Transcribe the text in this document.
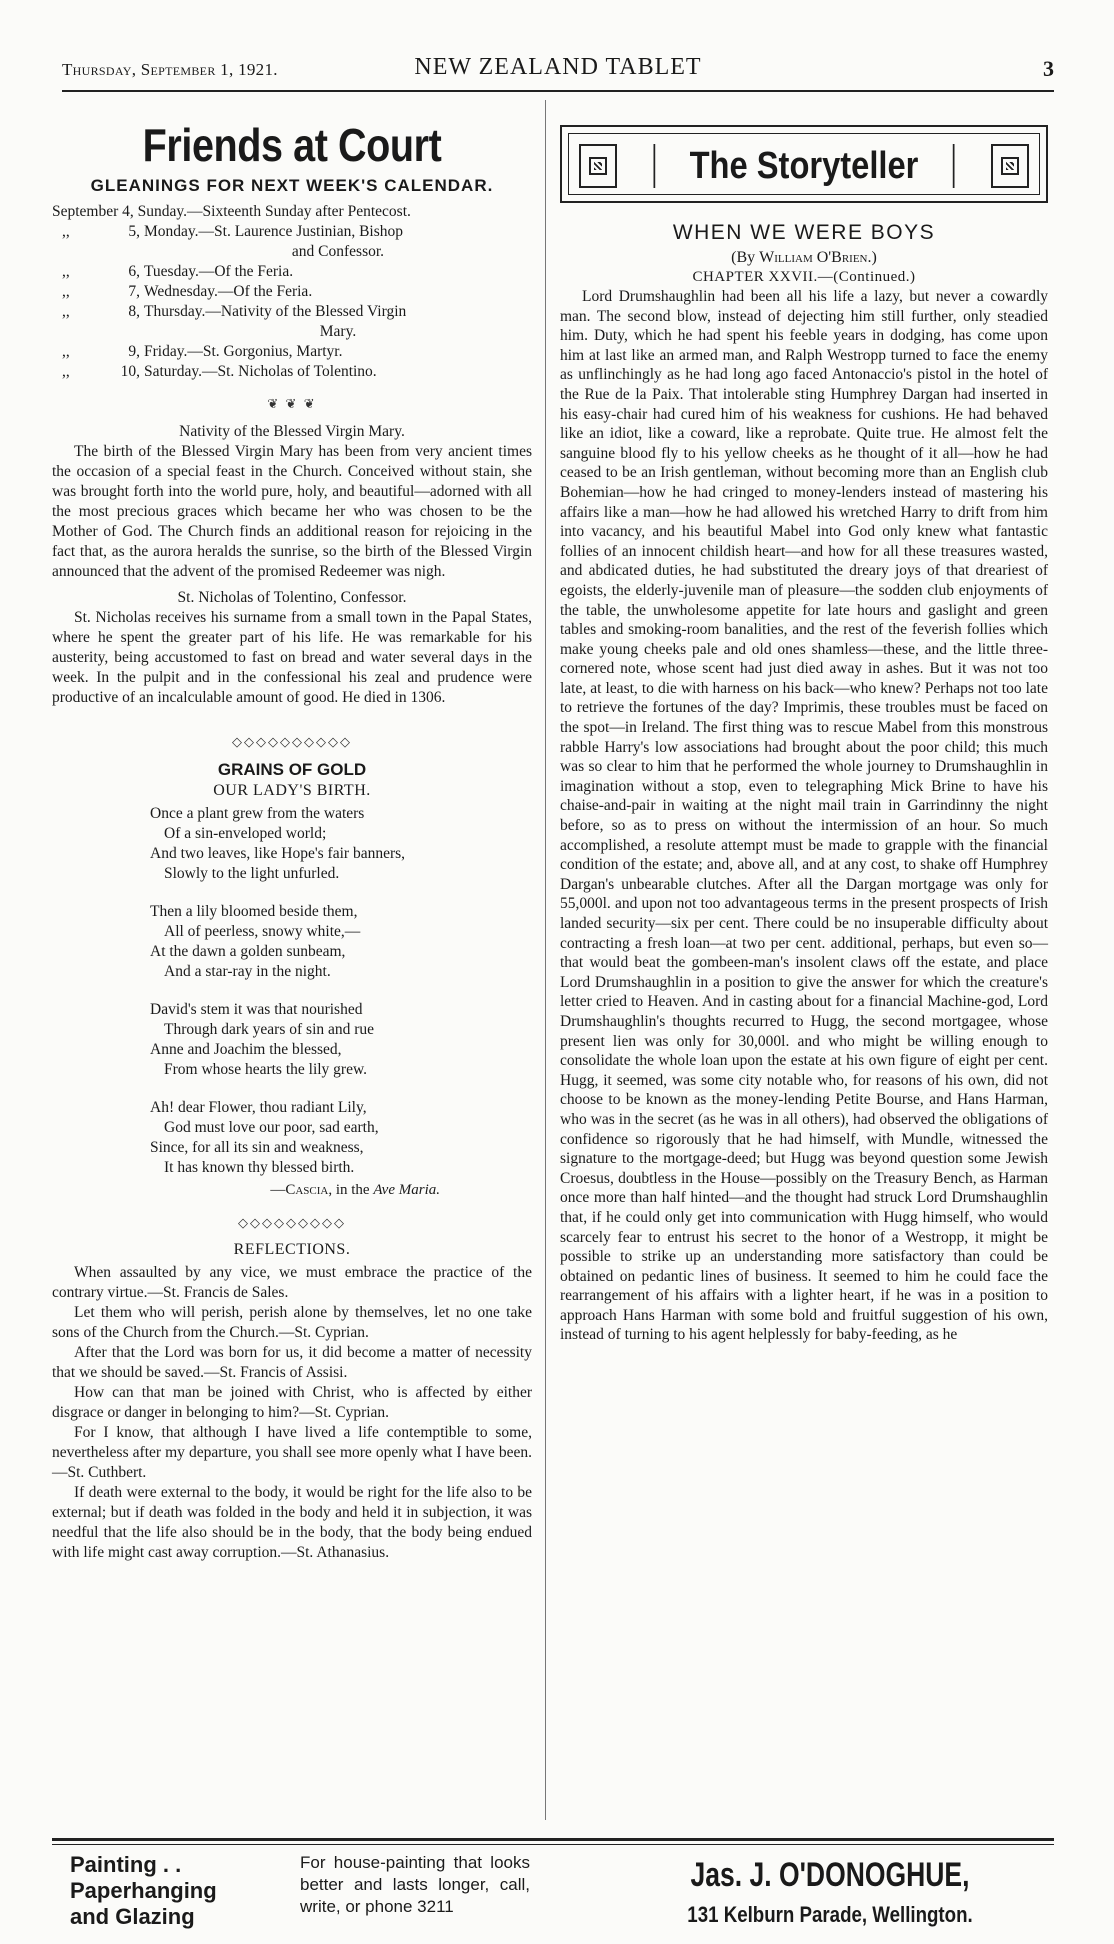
Thursday, September 1, 1921.	NEW ZEALAND TABLET	3
Friends at Court
GLEANINGS FOR NEXT WEEK'S CALENDAR.
September 4, Sunday.—Sixteenth Sunday after Pentecost.
,,	5, Monday.—St. Laurence Justinian, Bishop
and Confessor.
,,	6, Tuesday.—Of the Feria.
,,	7, Wednesday.—Of the Feria.
,,	8, Thursday.—Nativity of the Blessed Virgin
Mary.
,,	9, Friday.—St. Gorgonius, Martyr.
,,	10, Saturday.—St. Nicholas of Tolentino.
❦ ❦ ❦
Nativity of the Blessed Virgin Mary.

The birth of the Blessed Virgin Mary has been from very ancient times the occasion of a special feast in the Church. Conceived without stain, she was brought forth into the world pure, holy, and beautiful—adorned with all the most precious graces which became her who was chosen to be the Mother of God. The Church finds an additional reason for rejoicing in the fact that, as the aurora heralds the sunrise, so the birth of the Blessed Virgin announced that the advent of the promised Redeemer was nigh.

St. Nicholas of Tolentino, Confessor.

St. Nicholas receives his surname from a small town in the Papal States, where he spent the greater part of his life. He was remarkable for his austerity, being accustomed to fast on bread and water several days in the week. In the pulpit and in the confessional his zeal and prudence were productive of an incalculable amount of good. He died in 1306.

◇◇◇◇◇◇◇◇◇◇
GRAINS OF GOLD
OUR LADY'S BIRTH.
Once a plant grew from the waters
Of a sin-enveloped world;
And two leaves, like Hope's fair banners,
Slowly to the light unfurled.
Then a lily bloomed beside them,
All of peerless, snowy white,—
At the dawn a golden sunbeam,
And a star-ray in the night.
David's stem it was that nourished
Through dark years of sin and rue
Anne and Joachim the blessed,
From whose hearts the lily grew.
Ah! dear Flower, thou radiant Lily,
God must love our poor, sad earth,
Since, for all its sin and weakness,
It has known thy blessed birth.
—Cascia, in the Ave Maria.
◇◇◇◇◇◇◇◇◇
REFLECTIONS.

When assaulted by any vice, we must embrace the practice of the contrary virtue.—St. Francis de Sales.

Let them who will perish, perish alone by themselves, let no one take sons of the Church from the Church.—St. Cyprian.

After that the Lord was born for us, it did become a matter of necessity that we should be saved.—St. Francis of Assisi.

How can that man be joined with Christ, who is affected by either disgrace or danger in belonging to him?—St. Cyprian.

For I know, that although I have lived a life contemptible to some, nevertheless after my departure, you shall see more openly what I have been.—St. Cuthbert.

If death were external to the body, it would be right for the life also to be external; but if death was folded in the body and held it in subjection, it was needful that the life also should be in the body, that the body being endued with life might cast away corruption.—St. Athanasius.

The Storyteller
WHEN WE WERE BOYS
(By William O'Brien.)
CHAPTER XXVII.—(Continued.)

Lord Drumshaughlin had been all his life a lazy, but never a cowardly man. The second blow, instead of dejecting him still further, only steadied him. Duty, which he had spent his feeble years in dodging, has come upon him at last like an armed man, and Ralph Westropp turned to face the enemy as unflinchingly as he had long ago faced Antonaccio's pistol in the hotel of the Rue de la Paix. That intolerable sting Humphrey Dargan had inserted in his easy-chair had cured him of his weakness for cushions. He had behaved like an idiot, like a coward, like a reprobate. Quite true. He almost felt the sanguine blood fly to his yellow cheeks as he thought of it all—how he had ceased to be an Irish gentleman, without becoming more than an English club Bohemian—how he had cringed to money-lenders instead of mastering his affairs like a man—how he had allowed his wretched Harry to drift from him into vacancy, and his beautiful Mabel into God only knew what fantastic follies of an innocent childish heart—and how for all these treasures wasted, and abdicated duties, he had substituted the dreary joys of that dreariest of egoists, the elderly-juvenile man of pleasure—the sodden club enjoyments of the table, the unwholesome appetite for late hours and gaslight and green tables and smoking-room banalities, and the rest of the feverish follies which make young cheeks pale and old ones shamless—these, and the little three-cornered note, whose scent had just died away in ashes. But it was not too late, at least, to die with harness on his back—who knew? Perhaps not too late to retrieve the fortunes of the day? Imprimis, these troubles must be faced on the spot—in Ireland. The first thing was to rescue Mabel from this monstrous rabble Harry's low associations had brought about the poor child; this much was so clear to him that he performed the whole journey to Drumshaughlin in imagination without a stop, even to telegraphing Mick Brine to have his chaise-and-pair in waiting at the night mail train in Garrindinny the night before, so as to press on without the intermission of an hour. So much accomplished, a resolute attempt must be made to grapple with the financial condition of the estate; and, above all, and at any cost, to shake off Humphrey Dargan's unbearable clutches. After all the Dargan mortgage was only for 55,000l. and upon not too advantageous terms in the present prospects of Irish landed security—six per cent. There could be no insuperable difficulty about contracting a fresh loan—at two per cent. additional, perhaps, but even so—that would beat the gombeen-man's insolent claws off the estate, and place Lord Drumshaughlin in a position to give the answer for which the creature's letter cried to Heaven. And in casting about for a financial Machine-god, Lord Drumshaughlin's thoughts recurred to Hugg, the second mortgagee, whose present lien was only for 30,000l. and who might be willing enough to consolidate the whole loan upon the estate at his own figure of eight per cent. Hugg, it seemed, was some city notable who, for reasons of his own, did not choose to be known as the money-lending Petite Bourse, and Hans Harman, who was in the secret (as he was in all others), had observed the obligations of confidence so rigorously that he had himself, with Mundle, witnessed the signature to the mortgage-deed; but Hugg was beyond question some Jewish Croesus, doubtless in the House—possibly on the Treasury Bench, as Harman once more than half hinted—and the thought had struck Lord Drumshaughlin that, if he could only get into communication with Hugg himself, who would scarcely fear to entrust his secret to the honor of a Westropp, it might be possible to strike up an understanding more satisfactory than could be obtained on pedantic lines of business. It seemed to him he could face the rearrangement of his affairs with a lighter heart, if he was in a position to approach Hans Harman with some bold and fruitful suggestion of his own, instead of turning to his agent helplessly for baby-feeding, as he

Painting . .
Paperhanging
and Glazing
For house-painting that looks better and lasts longer, call, write, or phone 3211
Jas. J. O'DONOGHUE,
131 Kelburn Parade, Wellington.
